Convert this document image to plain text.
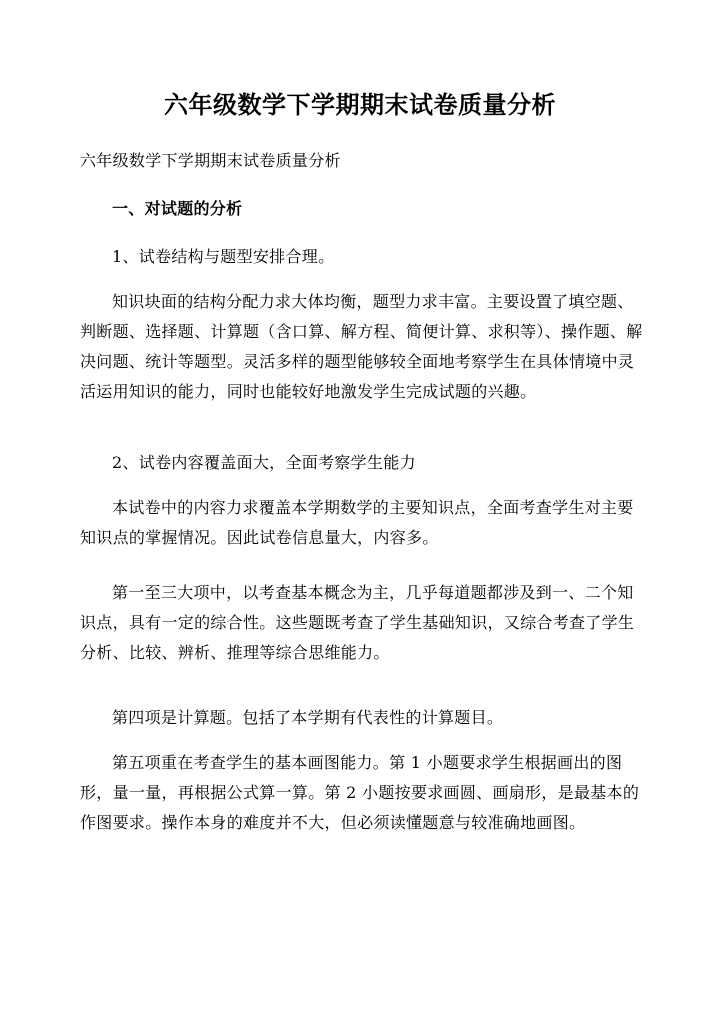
六年级数学下学期期末试卷质量分析

六年级数学下学期期末试卷质量分析

一、对试题的分析

1、试卷结构与题型安排合理。

知识块面的结构分配力求大体均衡，题型力求丰富。主要设置了填空题、判断题、选择题、计算题（含口算、解方程、简便计算、求积等）、操作题、解决问题、统计等题型。灵活多样的题型能够较全面地考察学生在具体情境中灵活运用知识的能力，同时也能较好地激发学生完成试题的兴趣。

2、试卷内容覆盖面大，全面考察学生能力

本试卷中的内容力求覆盖本学期数学的主要知识点，全面考查学生对主要知识点的掌握情况。因此试卷信息量大，内容多。

第一至三大项中，以考查基本概念为主，几乎每道题都涉及到一、二个知识点，具有一定的综合性。这些题既考查了学生基础知识，又综合考查了学生分析、比较、辨析、推理等综合思维能力。

第四项是计算题。包括了本学期有代表性的计算题目。

第五项重在考查学生的基本画图能力。第 1 小题要求学生根据画出的图形，量一量，再根据公式算一算。第 2 小题按要求画圆、画扇形，是最基本的作图要求。操作本身的难度并不大，但必须读懂题意与较准确地画图。
